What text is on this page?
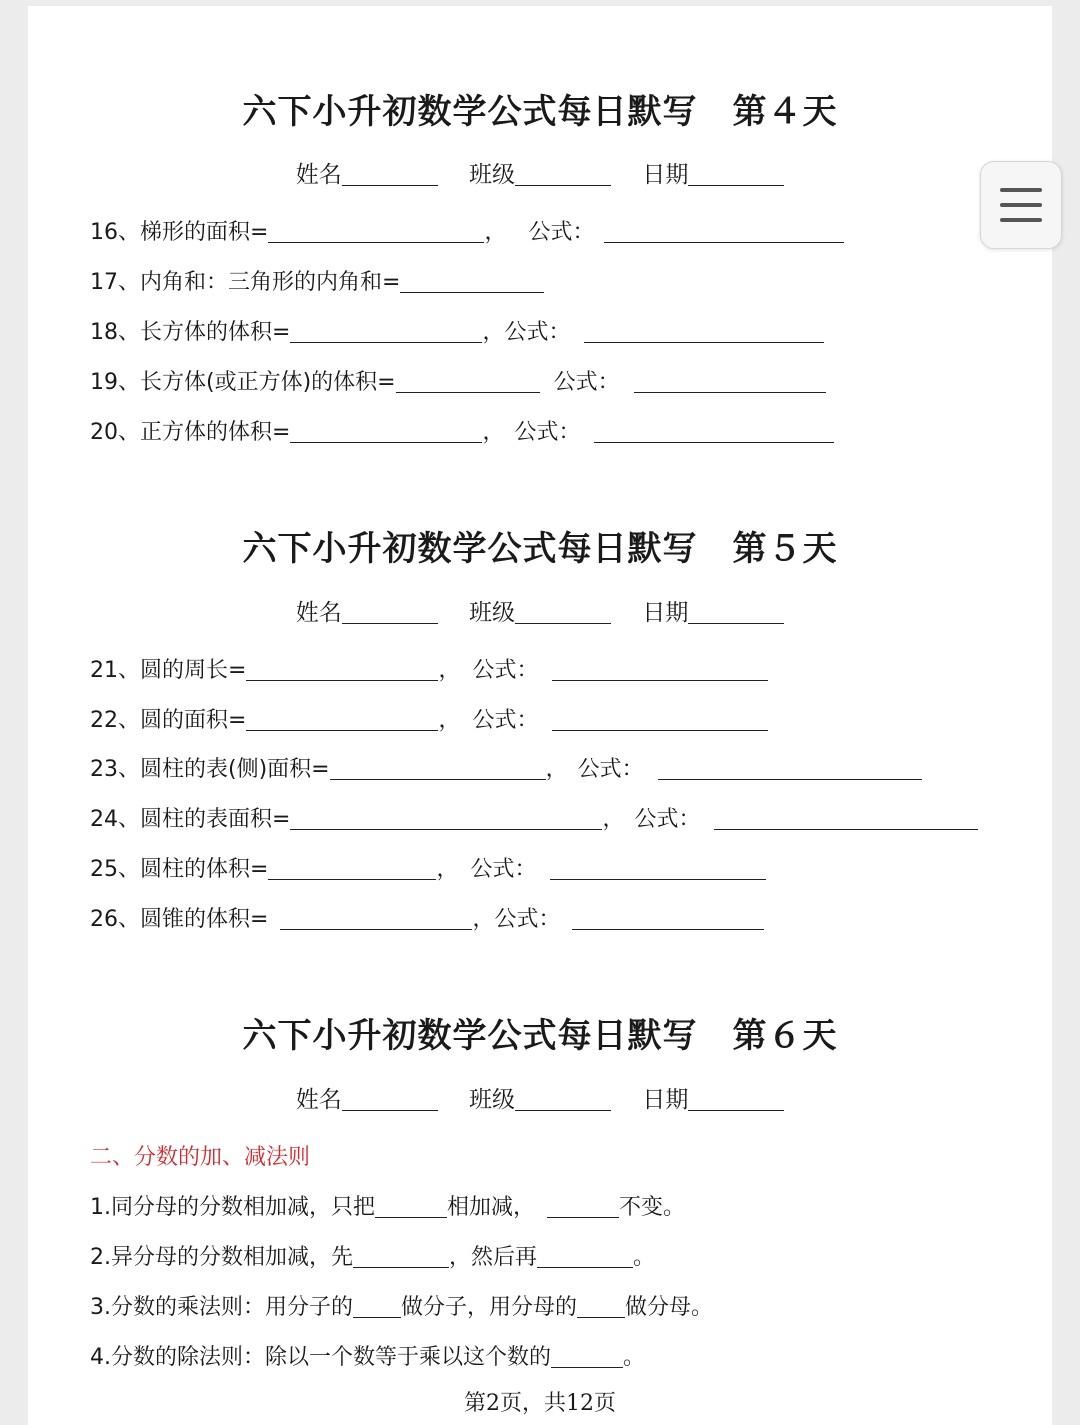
六下小升初数学公式每日默写　第４天
姓名	班级	日期
16、梯形的面积=	， 公式：
17、内角和：三角形的内角和=
18、长方体的体积=	，公式：
19、长方体(或正方体)的体积=	公式：
20、正方体的体积=	， 公式：
六下小升初数学公式每日默写　第５天
姓名	班级	日期
21、圆的周长=	， 公式：
22、圆的面积=	， 公式：
23、圆柱的表(侧)面积=	， 公式：
24、圆柱的表面积=	， 公式：
25、圆柱的体积=	， 公式：
26、圆锥的体积=	，公式：
六下小升初数学公式每日默写　第６天
姓名	班级	日期
二、分数的加、减法则
1.同分母的分数相加减，只把	相加减，	不变。
2.异分母的分数相加减，先	，然后再	。
3.分数的乘法则：用分子的 做分子，用分母的 做分母。
4.分数的除法则：除以一个数等于乘以这个数的	。
第2页，共12页
